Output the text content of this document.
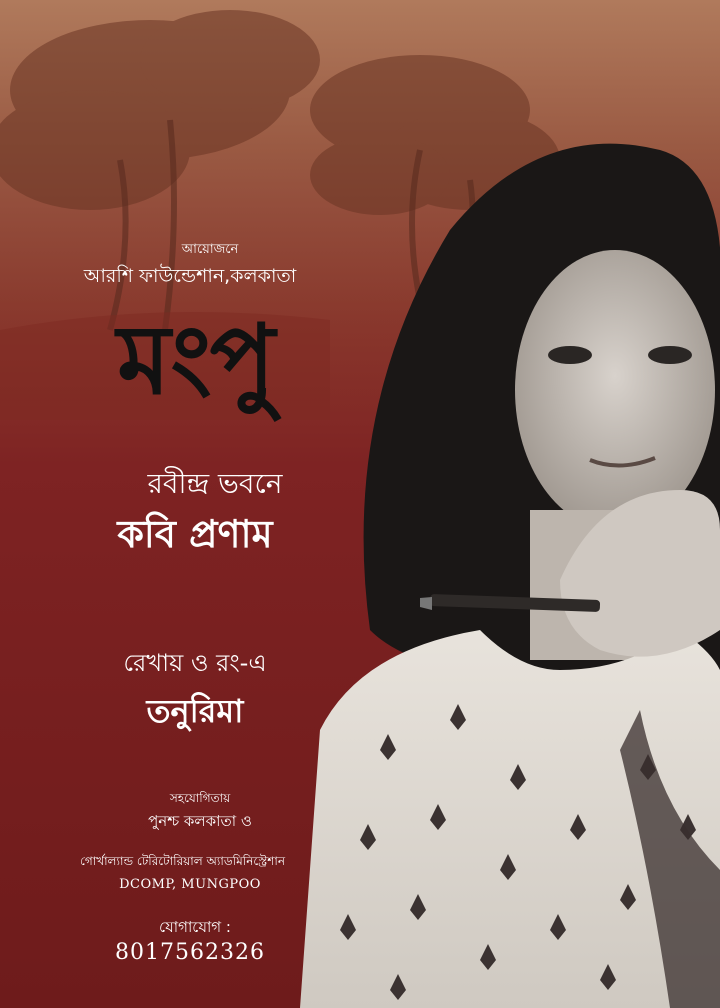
আয়োজনে
আরশি ফাউন্ডেশান,কলকাতা
মংপু
রবীন্দ্র ভবনে
কবি প্রণাম
রেখায় ও রং-এ
তনুরিমা
সহযোগিতায়
পুনশ্চ কলকাতা ও
গোর্খাল্যান্ড টেরিটোরিয়াল অ্যাডমিনিস্ট্রেশান
DCOMP, MUNGPOO
যোগাযোগ :
8017562326
